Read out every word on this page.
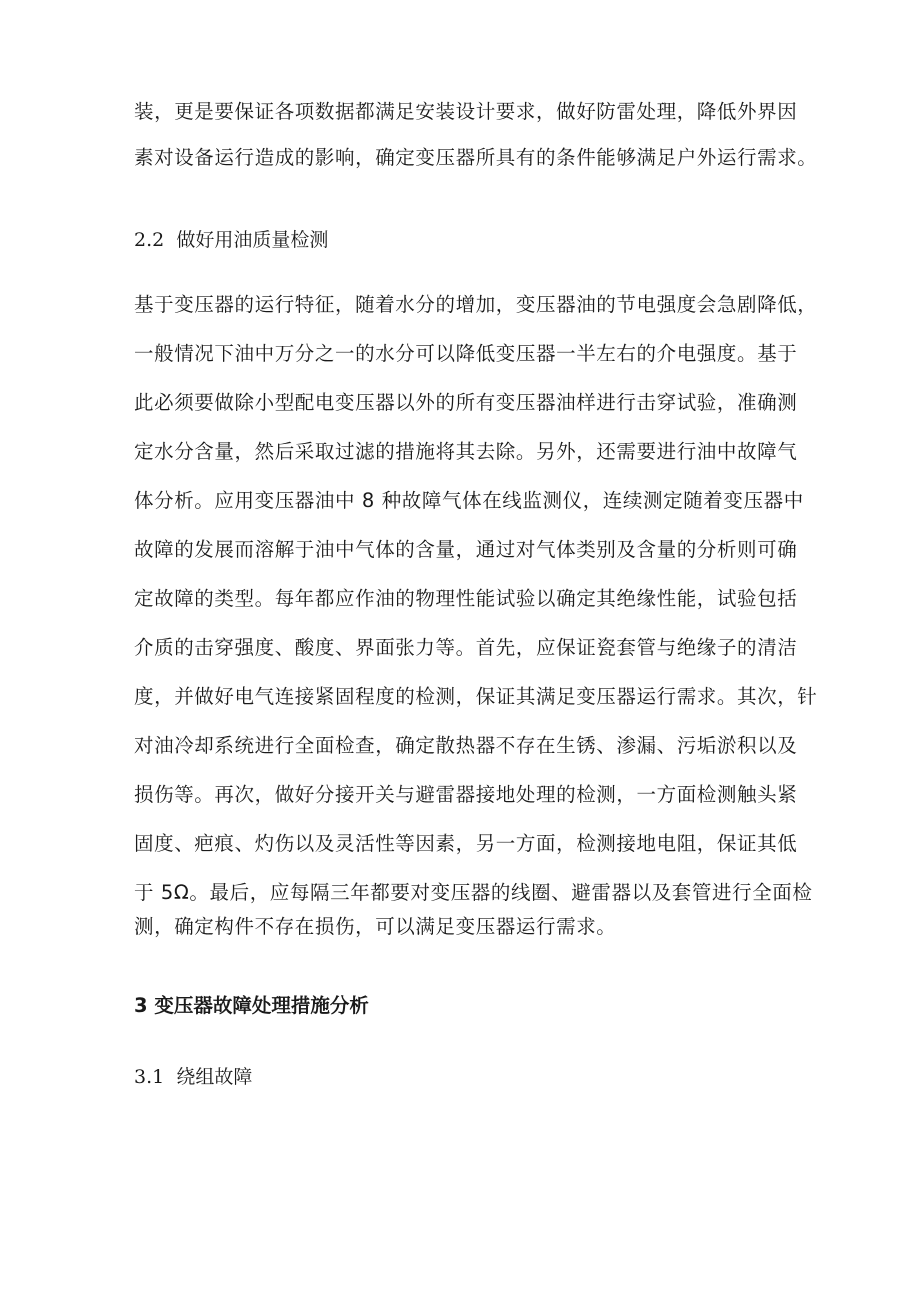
装，更是要保证各项数据都满足安装设计要求，做好防雷处理，降低外界因
素对设备运行造成的影响，确定变压器所具有的条件能够满足户外运行需求。
2.2 做好用油质量检测
基于变压器的运行特征，随着水分的增加，变压器油的节电强度会急剧降低，
一般情况下油中万分之一的水分可以降低变压器一半左右的介电强度。基于
此必须要做除小型配电变压器以外的所有变压器油样进行击穿试验，准确测
定水分含量，然后采取过滤的措施将其去除。另外，还需要进行油中故障气
体分析。应用变压器油中 8 种故障气体在线监测仪，连续测定随着变压器中
故障的发展而溶解于油中气体的含量，通过对气体类别及含量的分析则可确
定故障的类型。每年都应作油的物理性能试验以确定其绝缘性能，试验包括
介质的击穿强度、酸度、界面张力等。首先，应保证瓷套管与绝缘子的清洁
度，并做好电气连接紧固程度的检测，保证其满足变压器运行需求。其次，针
对油冷却系统进行全面检查，确定散热器不存在生锈、渗漏、污垢淤积以及
损伤等。再次，做好分接开关与避雷器接地处理的检测，一方面检测触头紧
固度、疤痕、灼伤以及灵活性等因素，另一方面，检测接地电阻，保证其低
于 5Ω。最后，应每隔三年都要对变压器的线圈、避雷器以及套管进行全面检
测，确定构件不存在损伤，可以满足变压器运行需求。
3 变压器故障处理措施分析
3.1 绕组故障
